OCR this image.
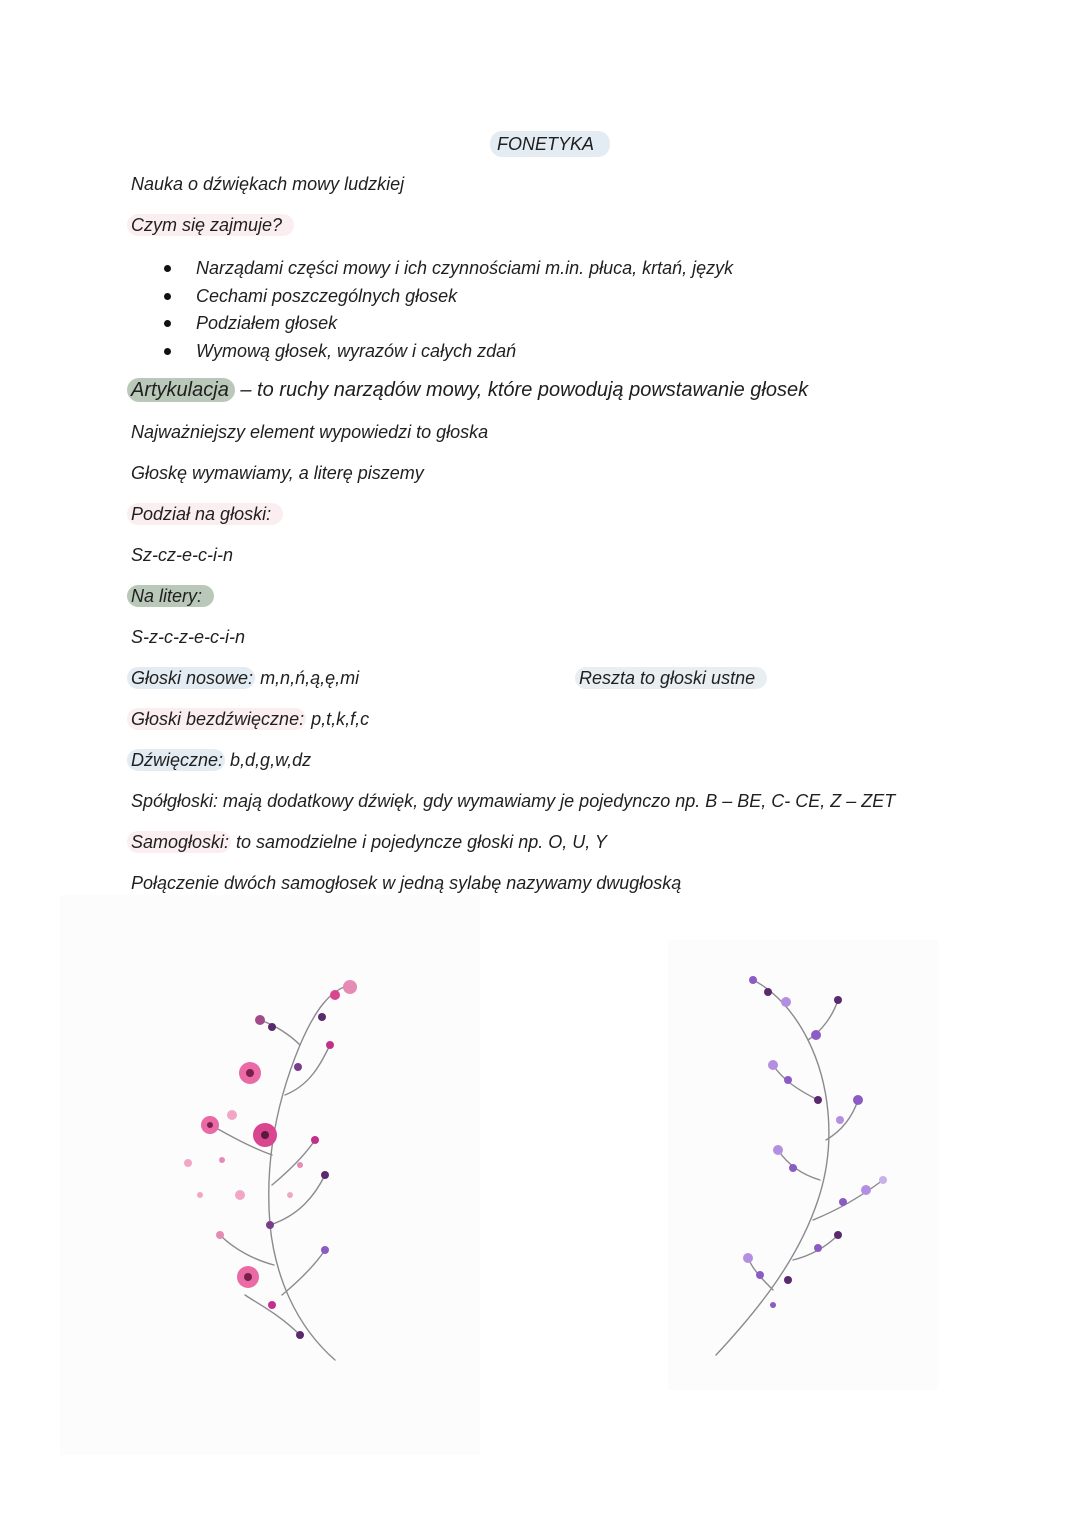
FONETYKA
Nauka o dźwiękach mowy ludzkiej
Czym się zajmuje?
Narządami części mowy i ich czynnościami m.in. płuca, krtań, język
Cechami poszczególnych głosek
Podziałem głosek
Wymową głosek, wyrazów i całych zdań
Artykulacja – to ruchy narządów mowy, które powodują powstawanie głosek
Najważniejszy element wypowiedzi to głoska
Głoskę wymawiamy, a literę piszemy
Podział na głoski:
Sz-cz-e-c-i-n
Na litery:
S-z-c-z-e-c-i-n
Głoski nosowe: m,n,ń,ą,ę,mi	Reszta to głoski ustne
Głoski bezdźwięczne: p,t,k,f,c
Dźwięczne: b,d,g,w,dz
Spółgłoski: mają dodatkowy dźwięk, gdy wymawiamy je pojedynczo np. B – BE, C- CE, Z – ZET
Samogłoski: to samodzielne i pojedyncze głoski np. O, U, Y
Połączenie dwóch samogłosek w jedną sylabę nazywamy dwugłoską
